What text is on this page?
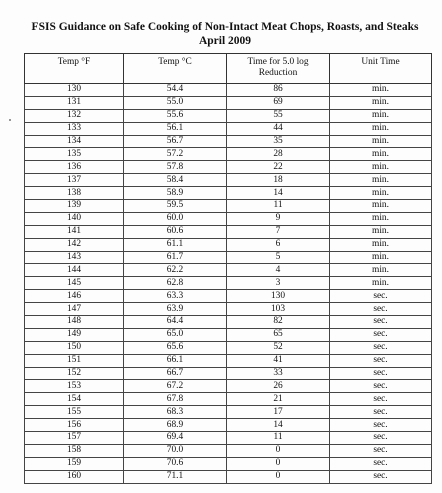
FSIS Guidance on Safe Cooking of Non-Intact Meat Chops, Roasts, and Steaks
April 2009
Temp °F	Temp °C	Time for 5.0 log Reduction	Unit Time
130	54.4	86	min.
131	55.0	69	min.
132	55.6	55	min.
133	56.1	44	min.
134	56.7	35	min.
135	57.2	28	min.
136	57.8	22	min.
137	58.4	18	min.
138	58.9	14	min.
139	59.5	11	min.
140	60.0	9	min.
141	60.6	7	min.
142	61.1	6	min.
143	61.7	5	min.
144	62.2	4	min.
145	62.8	3	min.
146	63.3	130	sec.
147	63.9	103	sec.
148	64.4	82	sec.
149	65.0	65	sec.
150	65.6	52	sec.
151	66.1	41	sec.
152	66.7	33	sec.
153	67.2	26	sec.
154	67.8	21	sec.
155	68.3	17	sec.
156	68.9	14	sec.
157	69.4	11	sec.
158	70.0	0	sec.
159	70.6	0	sec.
160	71.1	0	sec.
